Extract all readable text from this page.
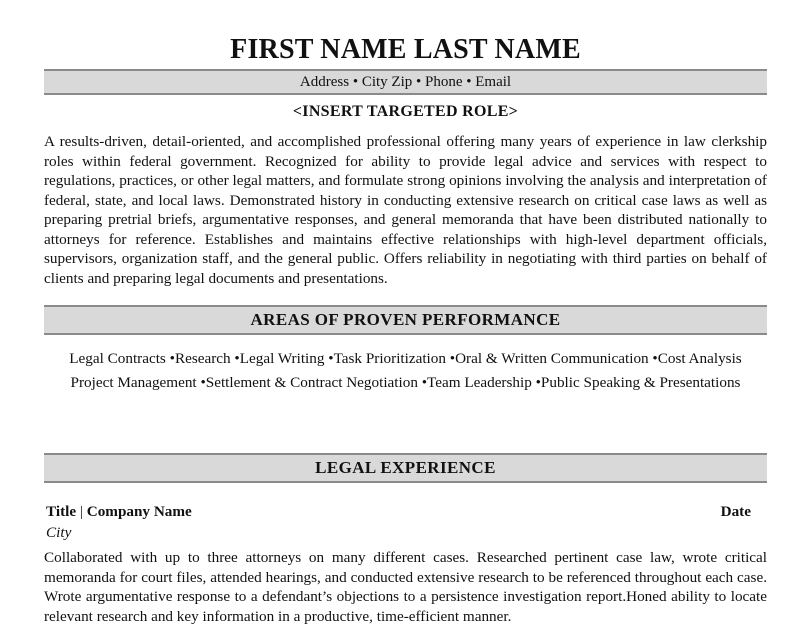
FIRST NAME LAST NAME
Address • City Zip • Phone • Email
<INSERT TARGETED ROLE>
A results-driven, detail-oriented, and accomplished professional offering many years of experience in law clerkship roles within federal government. Recognized for ability to provide legal advice and services with respect to regulations, practices, or other legal matters, and formulate strong opinions involving the analysis and interpretation of federal, state, and local laws. Demonstrated history in conducting extensive research on critical case laws as well as preparing pretrial briefs, argumentative responses, and general memoranda that have been distributed nationally to attorneys for reference. Establishes and maintains effective relationships with high-level department officials, supervisors, organization staff, and the general public. Offers reliability in negotiating with third parties on behalf of clients and preparing legal documents and presentations.
AREAS OF PROVEN PERFORMANCE
Legal Contracts •Research •Legal Writing •Task Prioritization •Oral & Written Communication •Cost Analysis
Project Management •Settlement & Contract Negotiation •Team Leadership •Public Speaking & Presentations
LEGAL EXPERIENCE
Title | Company Name	Date
City
Collaborated with up to three attorneys on many different cases. Researched pertinent case law, wrote critical memoranda for court files, attended hearings, and conducted extensive research to be referenced throughout each case. Wrote argumentative response to a defendant’s objections to a persistence investigation report.Honed ability to locate relevant research and key information in a productive, time-efficient manner.
